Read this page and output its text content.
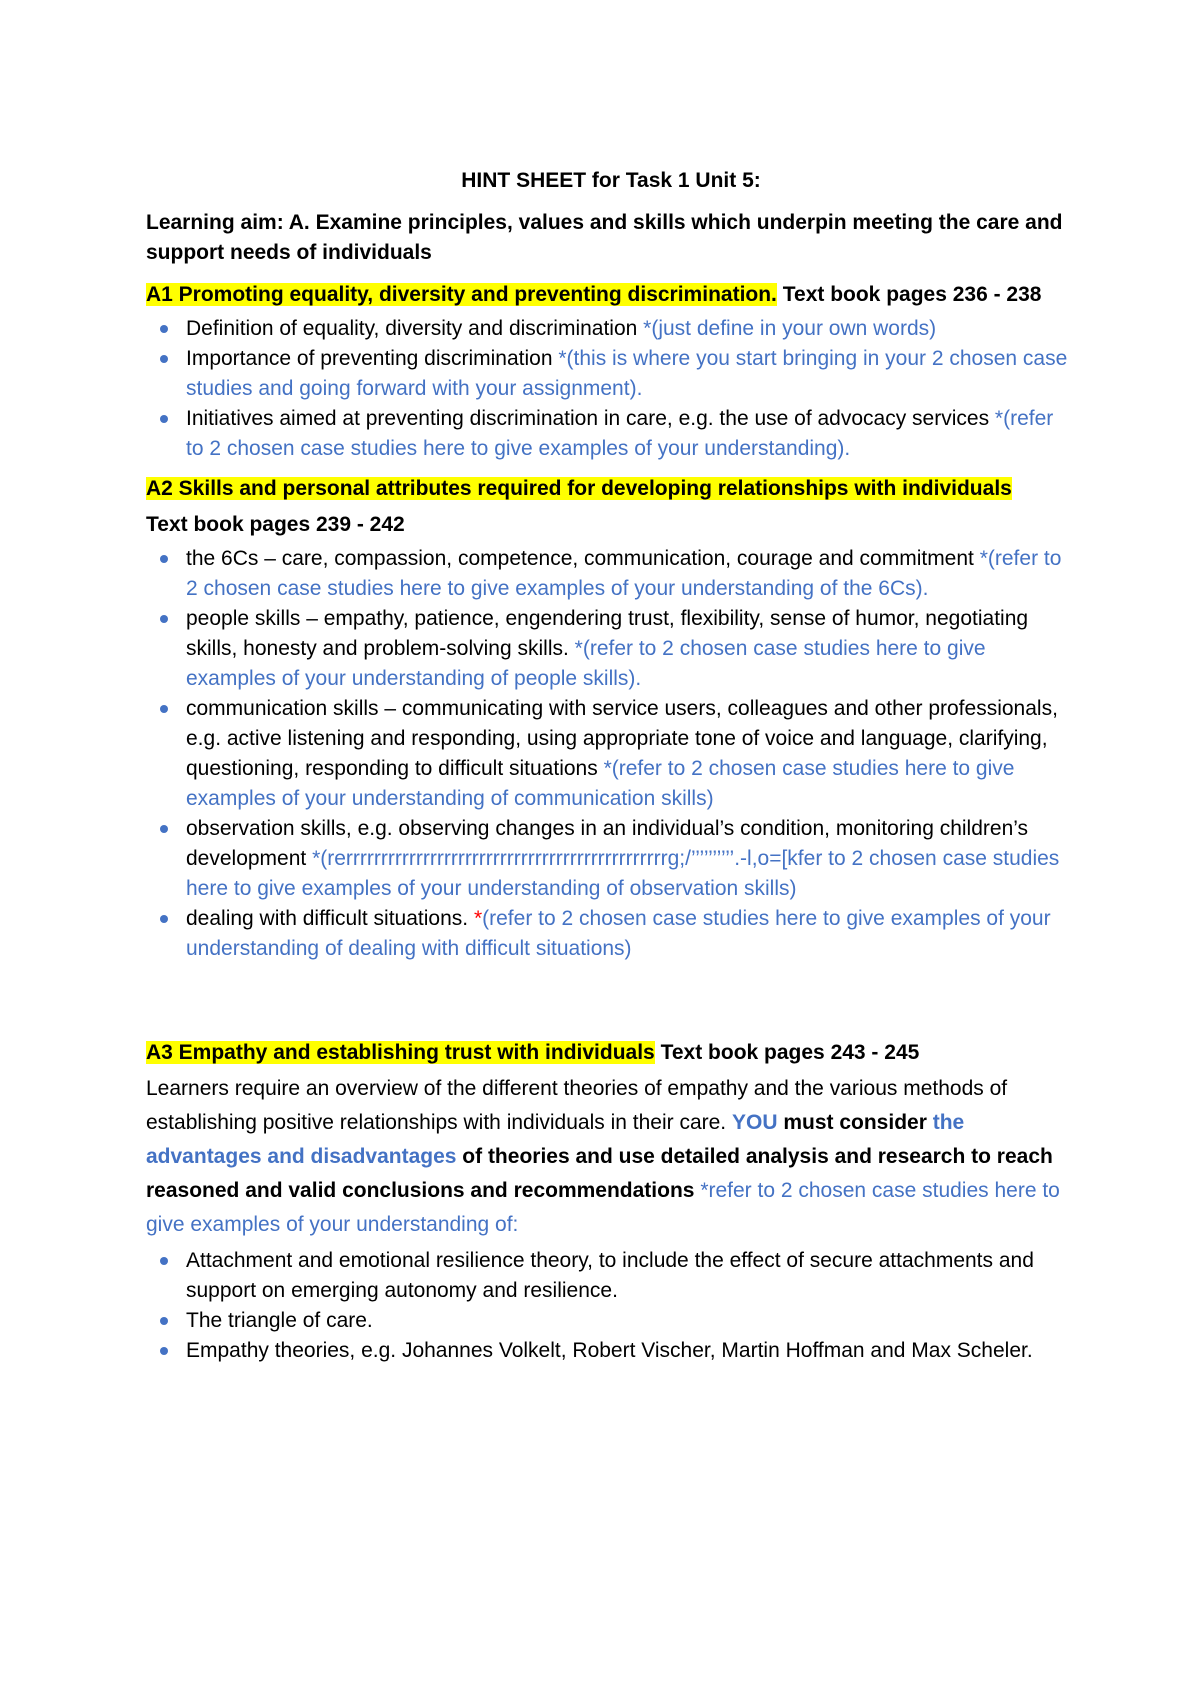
HINT SHEET for Task 1 Unit 5:

Learning aim: A. Examine principles, values and skills which underpin meeting the care and support needs of individuals

A1 Promoting equality, diversity and preventing discrimination. Text book pages 236 - 238

Definition of equality, diversity and discrimination *(just define in your own words)
Importance of preventing discrimination *(this is where you start bringing in your 2 chosen case studies and going forward with your assignment).
Initiatives aimed at preventing discrimination in care, e.g. the use of advocacy services *(refer to 2 chosen case studies here to give examples of your understanding).

A2 Skills and personal attributes required for developing relationships with individuals

Text book pages 239 - 242

the 6Cs – care, compassion, competence, communication, courage and commitment *(refer to 2 chosen case studies here to give examples of your understanding of the 6Cs).
people skills – empathy, patience, engendering trust, flexibility, sense of humor, negotiating skills, honesty and problem-solving skills. *(refer to 2 chosen case studies here to give examples of your understanding of people skills).
communication skills – communicating with service users, colleagues and other professionals, e.g. active listening and responding, using appropriate tone of voice and language, clarifying, questioning, responding to difficult situations *(refer to 2 chosen case studies here to give examples of your understanding of communication skills)
observation skills, e.g. observing changes in an individual’s condition, monitoring children’s development *(rerrrrrrrrrrrrrrrrrrrrrrrrrrrrrrrrrrrrrrrrrrrrrrg;/’’’’’’’’’’.-l,o=[kfer to 2 chosen case studies here to give examples of your understanding of observation skills)
dealing with difficult situations. *(refer to 2 chosen case studies here to give examples of your understanding of dealing with difficult situations)

A3 Empathy and establishing trust with individuals Text book pages 243 - 245

Learners require an overview of the different theories of empathy and the various methods of establishing positive relationships with individuals in their care. YOU must consider the advantages and disadvantages of theories and use detailed analysis and research to reach reasoned and valid conclusions and recommendations *refer to 2 chosen case studies here to give examples of your understanding of:

Attachment and emotional resilience theory, to include the effect of secure attachments and support on emerging autonomy and resilience.
The triangle of care.
Empathy theories, e.g. Johannes Volkelt, Robert Vischer, Martin Hoffman and Max Scheler.
